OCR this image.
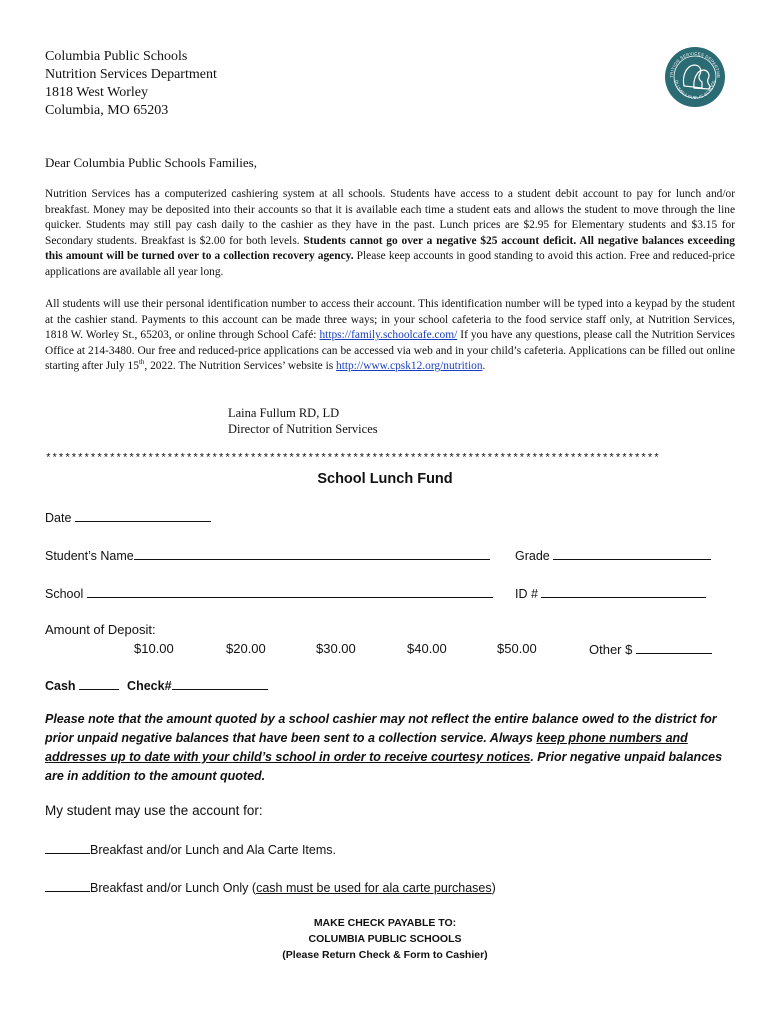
Columbia Public Schools
Nutrition Services Department
1818 West Worley
Columbia, MO 65203
TRITION SERVICES DEPARTME
OLUMBIA PUBLIC SCHOOL
Dear Columbia Public Schools Families,
Nutrition Services has a computerized cashiering system at all schools. Students have access to a student debit account to pay for lunch and/or breakfast. Money may be deposited into their accounts so that it is available each time a student eats and allows the student to move through the line quicker. Students may still pay cash daily to the cashier as they have in the past. Lunch prices are $2.95 for Elementary students and $3.15 for Secondary students. Breakfast is $2.00 for both levels. Students cannot go over a negative $25 account deficit. All negative balances exceeding this amount will be turned over to a collection recovery agency. Please keep accounts in good standing to avoid this action. Free and reduced-price applications are available all year long.
All students will use their personal identification number to access their account. This identification number will be typed into a keypad by the student at the cashier stand. Payments to this account can be made three ways; in your school cafeteria to the food service staff only, at Nutrition Services, 1818 W. Worley St., 65203, or online through School Café: https://family.schoolcafe.com/ If you have any questions, please call the Nutrition Services Office at 214-3480. Our free and reduced-price applications can be accessed via web and in your child’s cafeteria. Applications can be filled out online starting after July 15th, 2022. The Nutrition Services’ website is http://www.cpsk12.org/nutrition.
Laina Fullum RD, LD
Director of Nutrition Services
************************************************************************************************
School Lunch Fund
Date
Student’s Name	Grade
School	ID #
Amount of Deposit:
$10.00	$20.00	$30.00	$40.00	$50.00	Other $
Cash	Check#
Please note that the amount quoted by a school cashier may not reflect the entire balance owed to the district for prior unpaid negative balances that have been sent to a collection service. Always keep phone numbers and addresses up to date with your child’s school in order to receive courtesy notices. Prior negative unpaid balances are in addition to the amount quoted.
My student may use the account for:
Breakfast and/or Lunch and Ala Carte Items.
Breakfast and/or Lunch Only (cash must be used for ala carte purchases)
MAKE CHECK PAYABLE TO:
COLUMBIA PUBLIC SCHOOLS
(Please Return Check & Form to Cashier)
